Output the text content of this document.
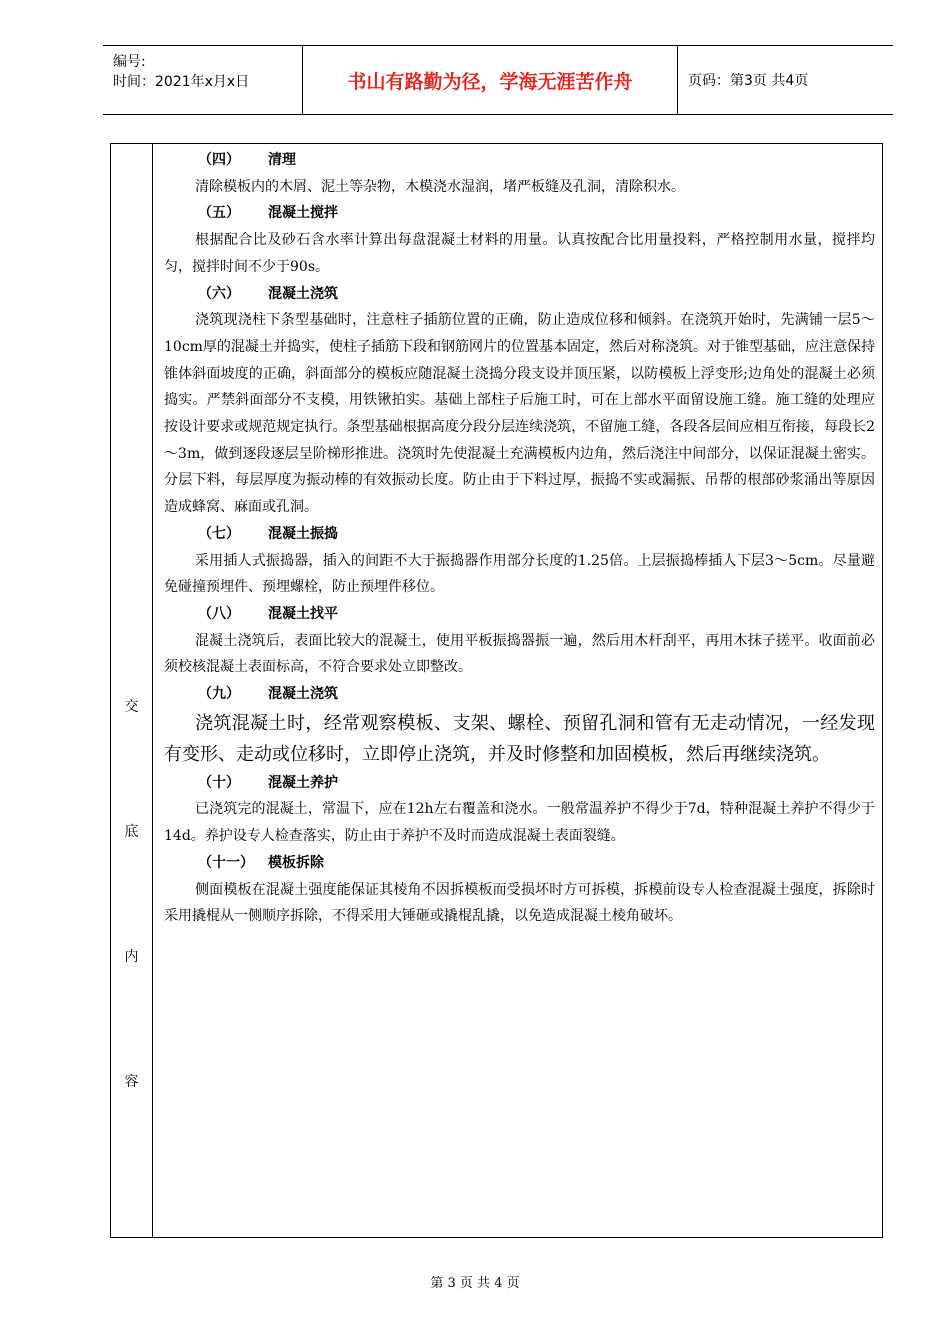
编号:
时间：2021年x月x日	书山有路勤为径，学海无涯苦作舟	页码：第3页 共4页
交
底
内
容

（四） 清理

清除模板内的木屑、泥土等杂物，木模浇水湿润，堵严板缝及孔洞，清除积水。

（五） 混凝土搅拌

根据配合比及砂石含水率计算出每盘混凝土材料的用量。认真按配合比用量投料，严格控制用水量，搅拌均匀，搅拌时间不少于90s。

（六） 混凝土浇筑

浇筑现浇柱下条型基础时，注意柱子插筋位置的正确，防止造成位移和倾斜。在浇筑开始时，先满铺一层5～10cm厚的混凝土并捣实，使柱子插筋下段和钢筋网片的位置基本固定，然后对称浇筑。对于锥型基础，应注意保持锥体斜面坡度的正确，斜面部分的模板应随混凝土浇捣分段支设并顶压紧，以防模板上浮变形;边角处的混凝土必须捣实。严禁斜面部分不支模，用铁锹拍实。基础上部柱子后施工时，可在上部水平面留设施工缝。施工缝的处理应按设计要求或规范规定执行。条型基础根据高度分段分层连续浇筑，不留施工缝，各段各层间应相互衔接，每段长2～3m，做到逐段逐层呈阶梯形推进。浇筑时先使混凝土充满模板内边角，然后浇注中间部分，以保证混凝土密实。分层下料，每层厚度为振动棒的有效振动长度。防止由于下料过厚，振捣不实或漏振、吊帮的根部砂浆涌出等原因造成蜂窝、麻面或孔洞。

（七） 混凝土振捣

采用插人式振捣器，插入的间距不大于振捣器作用部分长度的1.25倍。上层振捣棒插人下层3～5cm。尽量避免碰撞预埋件、预埋螺栓，防止预埋件移位。

（八） 混凝土找平

混凝土浇筑后，表面比较大的混凝土，使用平板振捣器振一遍，然后用木杆刮平，再用木抹子搓平。收面前必须校核混凝土表面标高，不符合要求处立即整改。

（九） 混凝土浇筑

浇筑混凝土时，经常观察模板、支架、螺栓、预留孔洞和管有无走动情况，一经发现有变形、走动或位移时，立即停止浇筑，并及时修整和加固模板，然后再继续浇筑。

（十） 混凝土养护

已浇筑完的混凝土，常温下，应在12h左右覆盖和浇水。一般常温养护不得少于7d，特种混凝土养护不得少于14d。养护设专人检查落实，防止由于养护不及时而造成混凝土表面裂缝。

（十一） 模板拆除

侧面模板在混凝土强度能保证其棱角不因拆模板而受损坏时方可拆模，拆模前设专人检查混凝土强度，拆除时采用撬棍从一侧顺序拆除，不得采用大锤砸或撬棍乱撬，以免造成混凝土棱角破坏。

第 3 页 共 4 页
